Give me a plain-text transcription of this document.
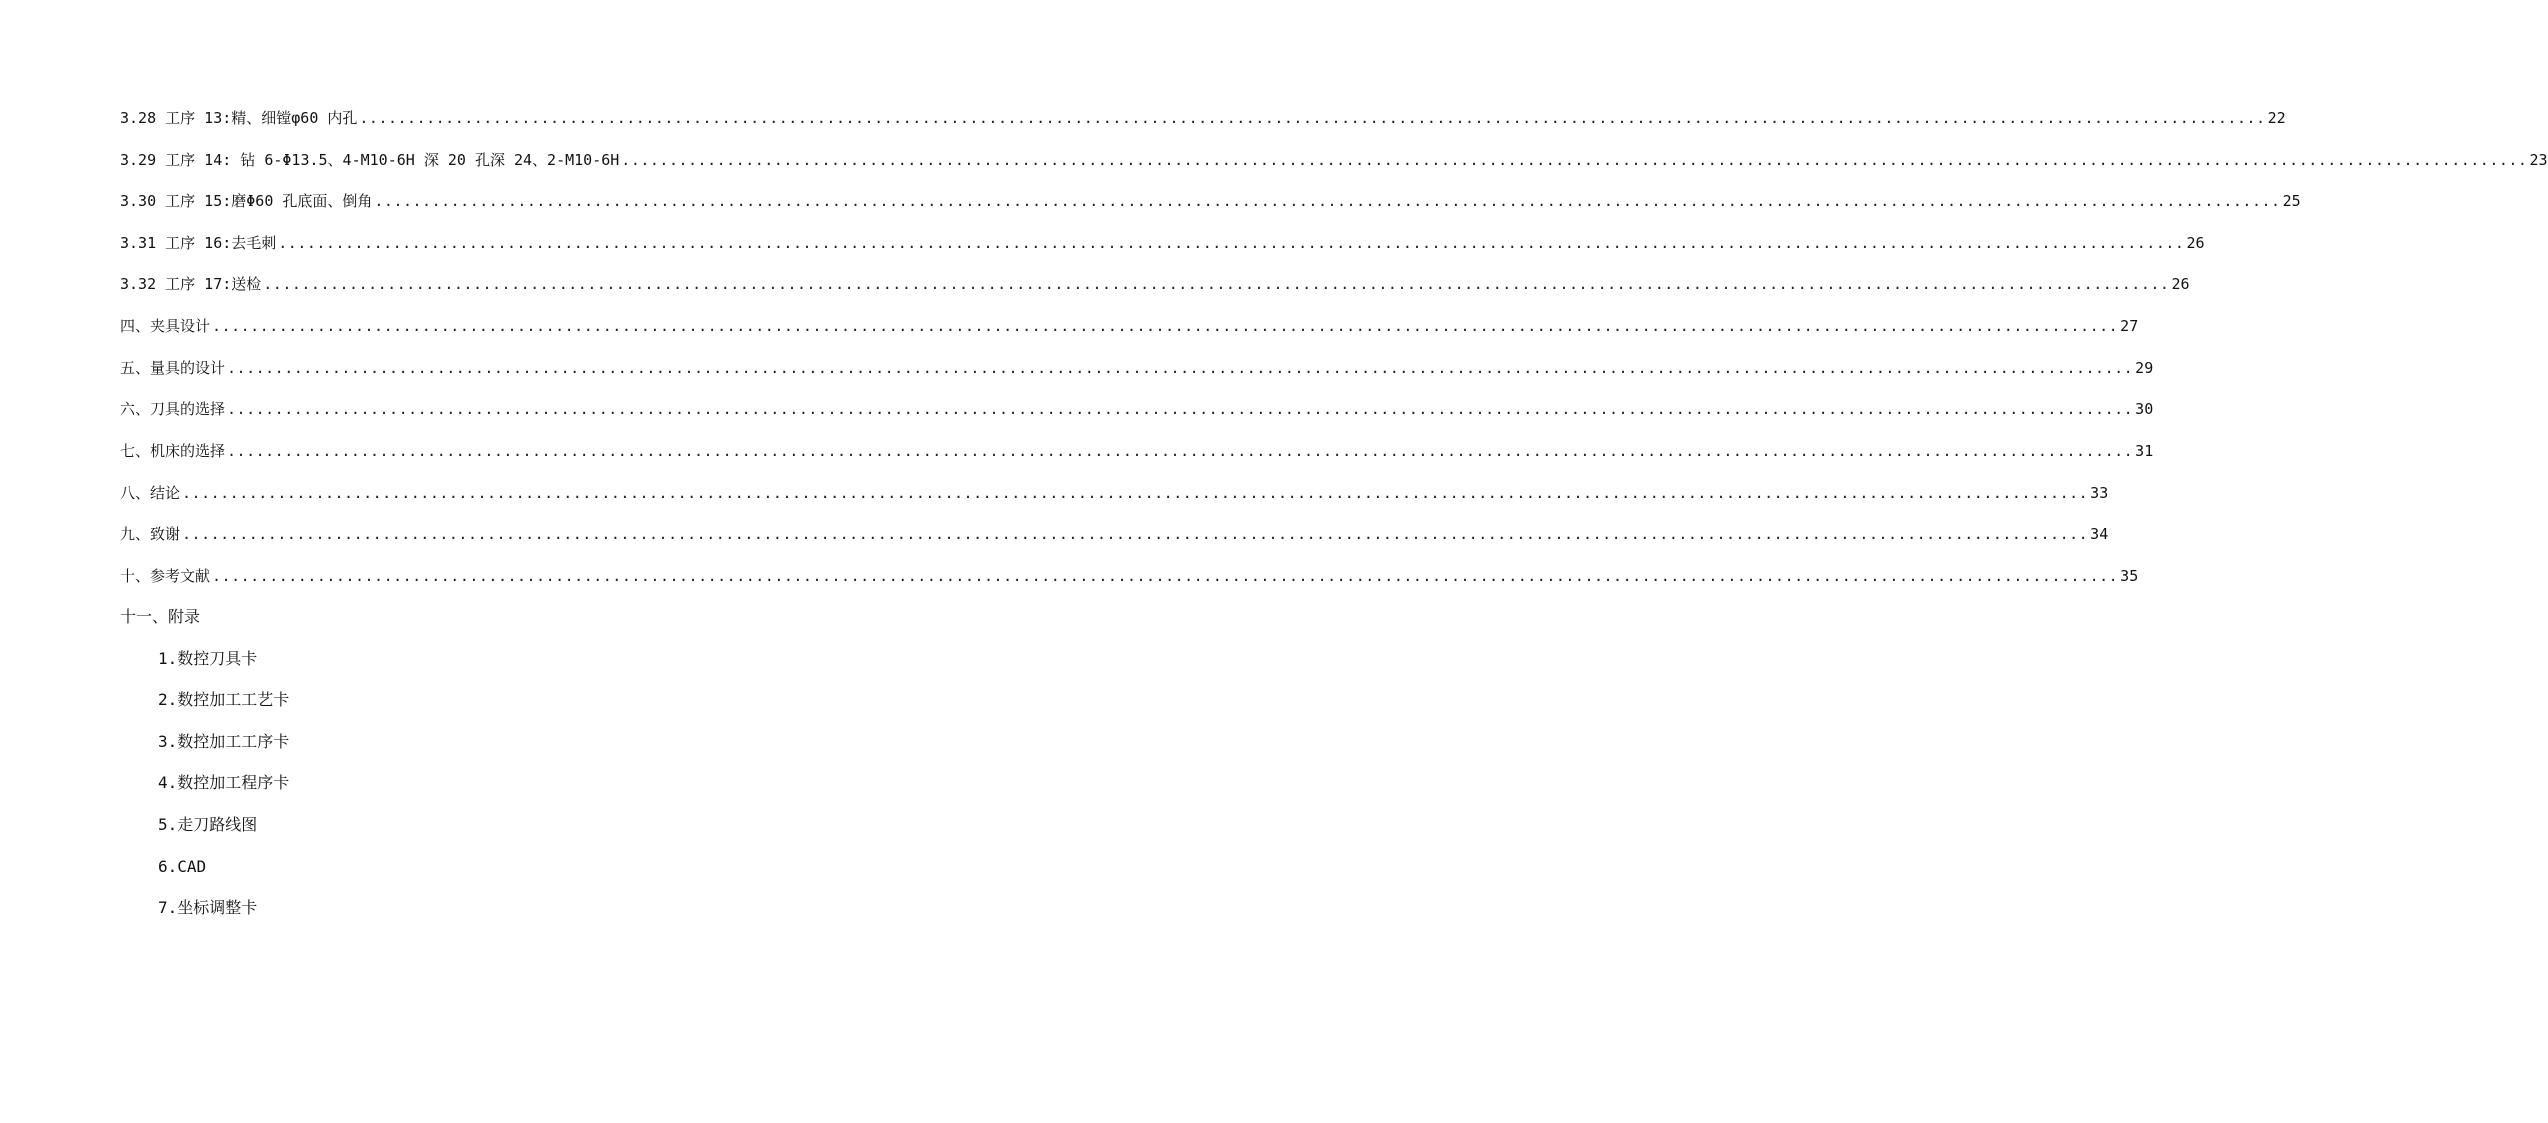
3.28 工序 13:精、细镗φ60 内孔 ........................................................................................................................................................................................................ 22
3.29 工序 14: 钻 6-Φ13.5、4-M10-6H 深 20 孔深 24、2-M10-6H ........................................................................................................................................................................................................ 23
3.30 工序 15:磨Φ60 孔底面、倒角 ........................................................................................................................................................................................................ 25
3.31 工序 16:去毛刺 ........................................................................................................................................................................................................ 26
3.32 工序 17:送检 ........................................................................................................................................................................................................ 26
四、夹具设计 ........................................................................................................................................................................................................ 27
五、量具的设计 ........................................................................................................................................................................................................ 29
六、刀具的选择 ........................................................................................................................................................................................................ 30
七、机床的选择 ........................................................................................................................................................................................................ 31
八、结论 ........................................................................................................................................................................................................ 33
九、致谢 ........................................................................................................................................................................................................ 34
十、参考文献 ........................................................................................................................................................................................................ 35
十一、附录
1.数控刀具卡
2.数控加工工艺卡
3.数控加工工序卡
4.数控加工程序卡
5.走刀路线图
6.CAD
7.坐标调整卡
